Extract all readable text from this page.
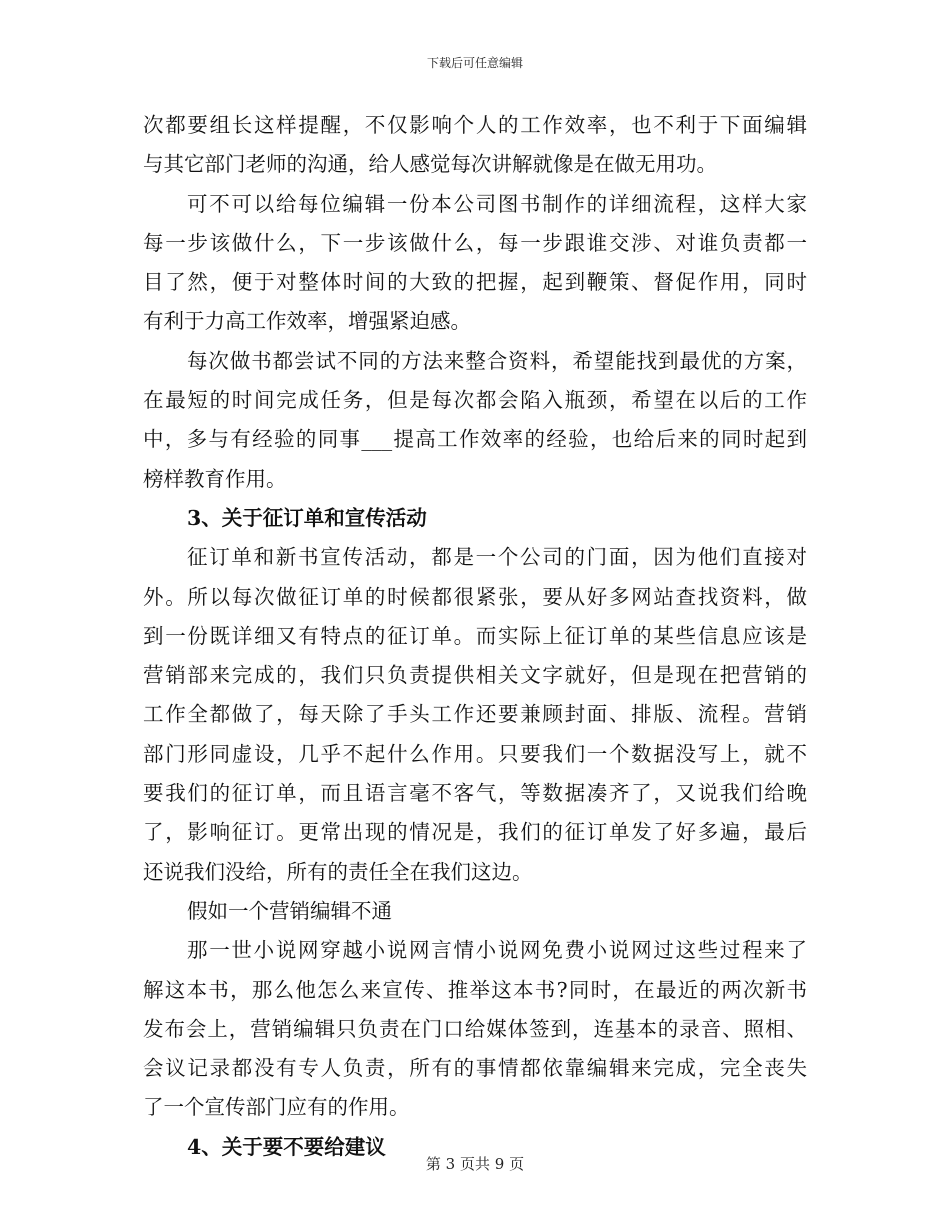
下载后可任意编辑
次都要组长这样提醒，不仅影响个人的工作效率，也不利于下面编辑
与其它部门老师的沟通，给人感觉每次讲解就像是在做无用功。
可不可以给每位编辑一份本公司图书制作的详细流程，这样大家
每一步该做什么，下一步该做什么，每一步跟谁交涉、对谁负责都一
目了然，便于对整体时间的大致的把握，起到鞭策、督促作用，同时
有利于力高工作效率，增强紧迫感。
每次做书都尝试不同的方法来整合资料，希望能找到最优的方案，
在最短的时间完成任务，但是每次都会陷入瓶颈，希望在以后的工作
中，多与有经验的同事___提高工作效率的经验，也给后来的同时起到
榜样教育作用。
3、关于征订单和宣传活动
征订单和新书宣传活动，都是一个公司的门面，因为他们直接对
外。所以每次做征订单的时候都很紧张，要从好多网站查找资料，做
到一份既详细又有特点的征订单。而实际上征订单的某些信息应该是
营销部来完成的，我们只负责提供相关文字就好，但是现在把营销的
工作全都做了，每天除了手头工作还要兼顾封面、排版、流程。营销
部门形同虚设，几乎不起什么作用。只要我们一个数据没写上，就不
要我们的征订单，而且语言毫不客气，等数据凑齐了，又说我们给晚
了，影响征订。更常出现的情况是，我们的征订单发了好多遍，最后
还说我们没给，所有的责任全在我们这边。
假如一个营销编辑不通
那一世小说网穿越小说网言情小说网免费小说网过这些过程来了
解这本书，那么他怎么来宣传、推举这本书?同时，在最近的两次新书
发布会上，营销编辑只负责在门口给媒体签到，连基本的录音、照相、
会议记录都没有专人负责，所有的事情都依靠编辑来完成，完全丧失
了一个宣传部门应有的作用。
4、关于要不要给建议
第 3 页共 9 页
